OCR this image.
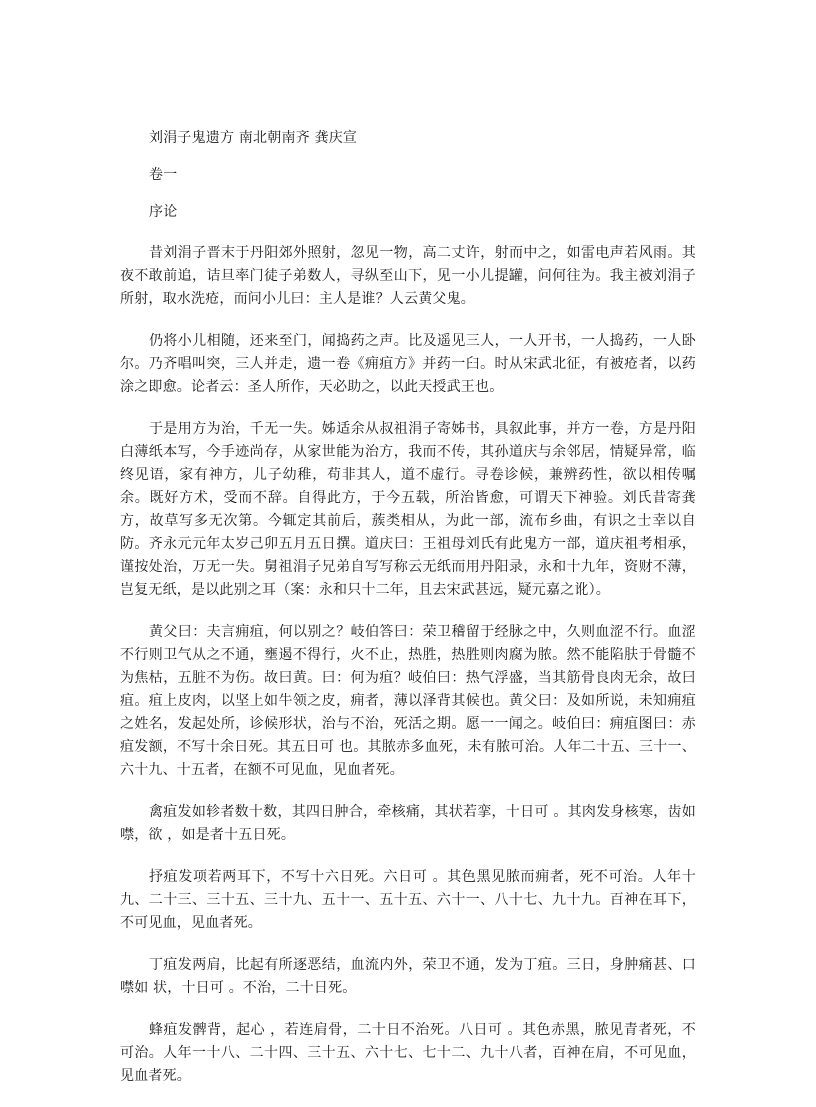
刘涓子鬼遗方 南北朝南齐 龚庆宣

卷一

序论

昔刘涓子晋末于丹阳郊外照射，忽见一物，高二丈许，射而中之，如雷电声若风雨。其夜不敢前追，诘旦率门徒子弟数人，寻纵至山下，见一小儿提罐，问何往为。我主被刘涓子所射，取水洗疮，而问小儿曰：主人是谁？人云黄父鬼。

仍将小儿相随，还来至门，闻捣药之声。比及遥见三人，一人开书，一人捣药，一人卧尔。乃齐唱叫突，三人并走，遗一卷《痈疽方》并药一臼。时从宋武北征，有被疮者，以药涂之即愈。论者云：圣人所作，天必助之，以此天授武王也。

于是用方为治，千无一失。姊适余从叔祖涓子寄姊书，具叙此事，并方一卷，方是丹阳白薄纸本写，今手迹尚存，从家世能为治方，我而不传，其孙道庆与余邻居，情疑异常，临终见语，家有神方，儿子幼稚，苟非其人，道不虚行。寻卷诊候，兼辨药性，欲以相传嘱余。既好方术，受而不辞。自得此方，于今五载，所治皆愈，可谓天下神验。刘氏昔寄龚方，故草写多无次第。今辄定其前后，蔟类相从，为此一部，流布乡曲，有识之士幸以自防。齐永元元年太岁己卯五月五日撰。道庆曰：王祖母刘氏有此鬼方一部，道庆祖考相承，谨按处治，万无一失。舅祖涓子兄弟自写写称云无纸而用丹阳录，永和十九年，资财不薄，岂复无纸，是以此别之耳（案：永和只十二年，且去宋武甚远，疑元嘉之讹）。

黄父曰：夫言痈疽，何以别之？岐伯答曰：荣卫稽留于经脉之中，久则血涩不行。血涩不行则卫气从之不通，壅遏不得行，火不止，热胜，热胜则肉腐为脓。然不能陷肤于骨髓不为焦枯，五脏不为伤。故曰黄。曰：何为疽？岐伯曰：热气浮盛，当其筋骨良肉无余，故曰疽。疽上皮肉，以坚上如牛领之皮，痈者，薄以泽背其候也。黄父曰：及如所说，未知痈疽之姓名，发起处所，诊候形状，治与不治，死活之期。愿一一闻之。岐伯曰：痈疽图曰：赤疽发额，不写十余日死。其五日可 也。其脓赤多血死，未有脓可治。人年二十五、三十一、六十九、十五者，在额不可见血，见血者死。

禽疽发如轸者数十数，其四日肿合，牵核痛，其状若挛，十日可 。其肉发身核寒，齿如噤，欲 ，如是者十五日死。

抒疽发项若两耳下，不写十六日死。六日可 。其色黑见脓而痈者，死不可治。人年十九、二十三、三十五、三十九、五十一、五十五、六十一、八十七、九十九。百神在耳下，不可见血，见血者死。

丁疽发两肩，比起有所逐恶结，血流内外，荣卫不通，发为丁疽。三日，身肿痛甚、口噤如 状，十日可 。不治，二十日死。

蜂疽发髀背，起心 ，若连肩骨，二十日不治死。八日可 。其色赤黑，脓见青者死，不可治。人年一十八、二十四、三十五、六十七、七十二、九十八者，百神在肩，不可见血，见血者死。
